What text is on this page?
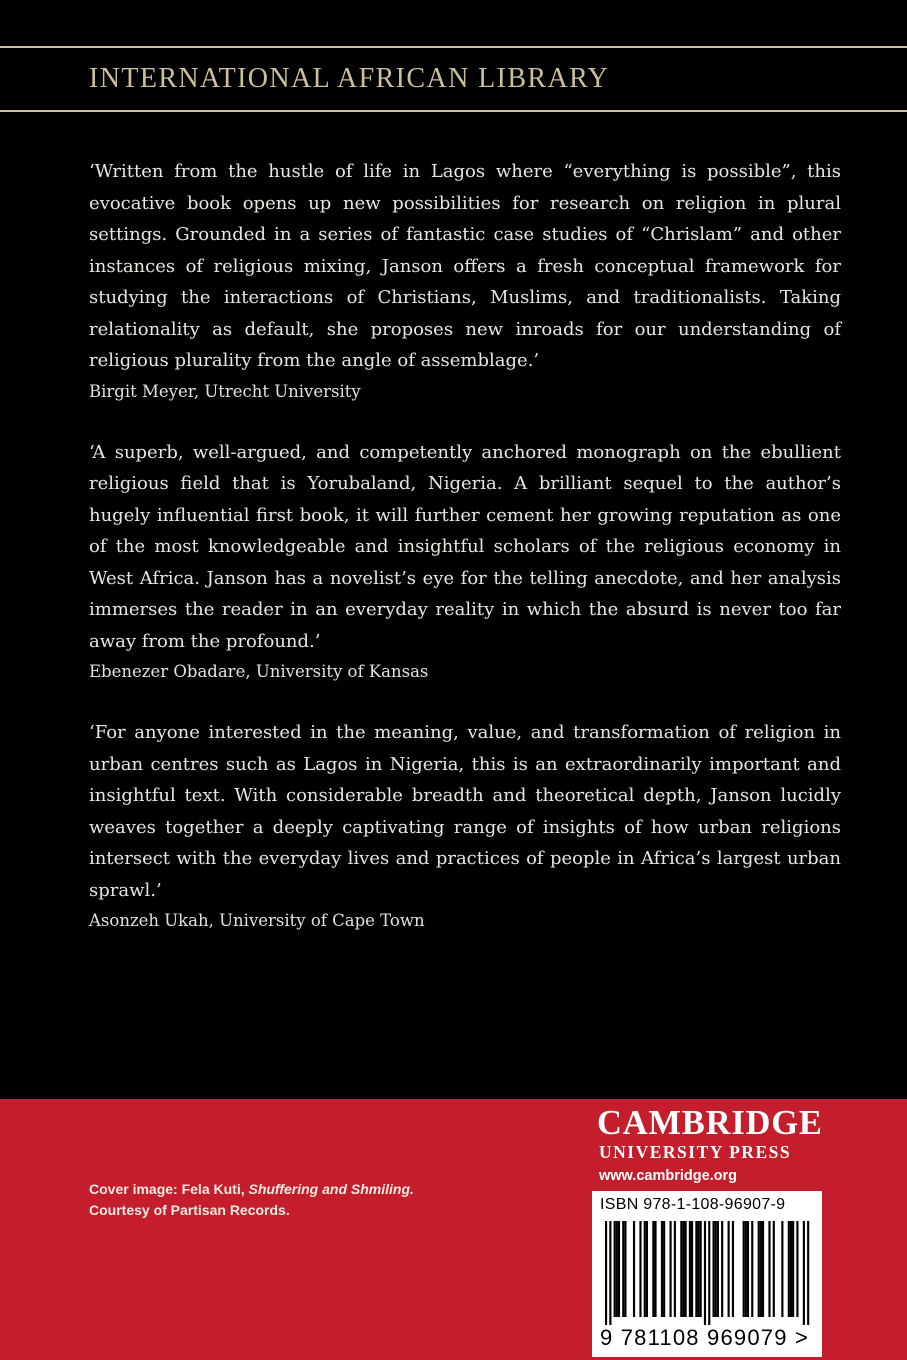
INTERNATIONAL AFRICAN LIBRARY

‘Written from the hustle of life in Lagos where “everything is possible”, this evocative book opens up new possibilities for research on religion in plural settings. Grounded in a series of fantastic case studies of “Chrislam” and other instances of religious mixing, Janson offers a fresh conceptual framework for studying the interactions of Christians, Muslims, and traditionalists. Taking relationality as default, she proposes new inroads for our understanding of religious plurality from the angle of assemblage.’

Birgit Meyer, Utrecht University

‘A superb, well-argued, and competently anchored monograph on the ebullient religious field that is Yorubaland, Nigeria. A brilliant sequel to the author’s hugely influential first book, it will further cement her growing reputation as one of the most knowledgeable and insightful scholars of the religious economy in West Africa. Janson has a novelist’s eye for the telling anecdote, and her analysis immerses the reader in an everyday reality in which the absurd is never too far away from the profound.’

Ebenezer Obadare, University of Kansas

‘For anyone interested in the meaning, value, and transformation of religion in urban centres such as Lagos in Nigeria, this is an extraordinarily important and insightful text. With considerable breadth and theoretical depth, Janson lucidly weaves together a deeply captivating range of insights of how urban religions intersect with the everyday lives and practices of people in Africa’s largest urban sprawl.’

Asonzeh Ukah, University of Cape Town

Cover image: Fela Kuti, Shuffering and Shmiling.
Courtesy of Partisan Records.
CAMBRIDGE
UNIVERSITY PRESS
www.cambridge.org
ISBN 978-1-108-96907-9
9 781108 969079 >
